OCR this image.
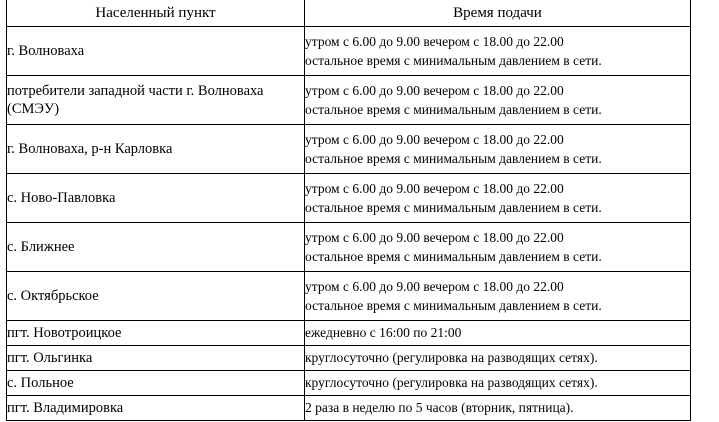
Населенный пункт	Время подачи
г. Волноваха	утром с 6.00 до 9.00 вечером с 18.00 до 22.00
остальное время с минимальным давлением в сети.

потребители западной части г. Волноваха (СМЭУ)	утром с 6.00 до 9.00 вечером с 18.00 до 22.00
остальное время с минимальным давлением в сети.

г. Волноваха, р-н Карловка	утром с 6.00 до 9.00 вечером с 18.00 до 22.00
остальное время с минимальным давлением в сети.

с. Ново-Павловка	утром с 6.00 до 9.00 вечером с 18.00 до 22.00
остальное время с минимальным давлением в сети.

с. Ближнее	утром с 6.00 до 9.00 вечером с 18.00 до 22.00
остальное время с минимальным давлением в сети.

с. Октябрьское	утром с 6.00 до 9.00 вечером с 18.00 до 22.00
остальное время с минимальным давлением в сети.

пгт. Новотроицкое	ежедневно с 16:00 по 21:00

пгт. Ольгинка	круглосуточно (регулировка на разводящих сетях).

с. Польное	круглосуточно (регулировка на разводящих сетях).

пгт. Владимировка	2 раза в неделю по 5 часов (вторник, пятница).
